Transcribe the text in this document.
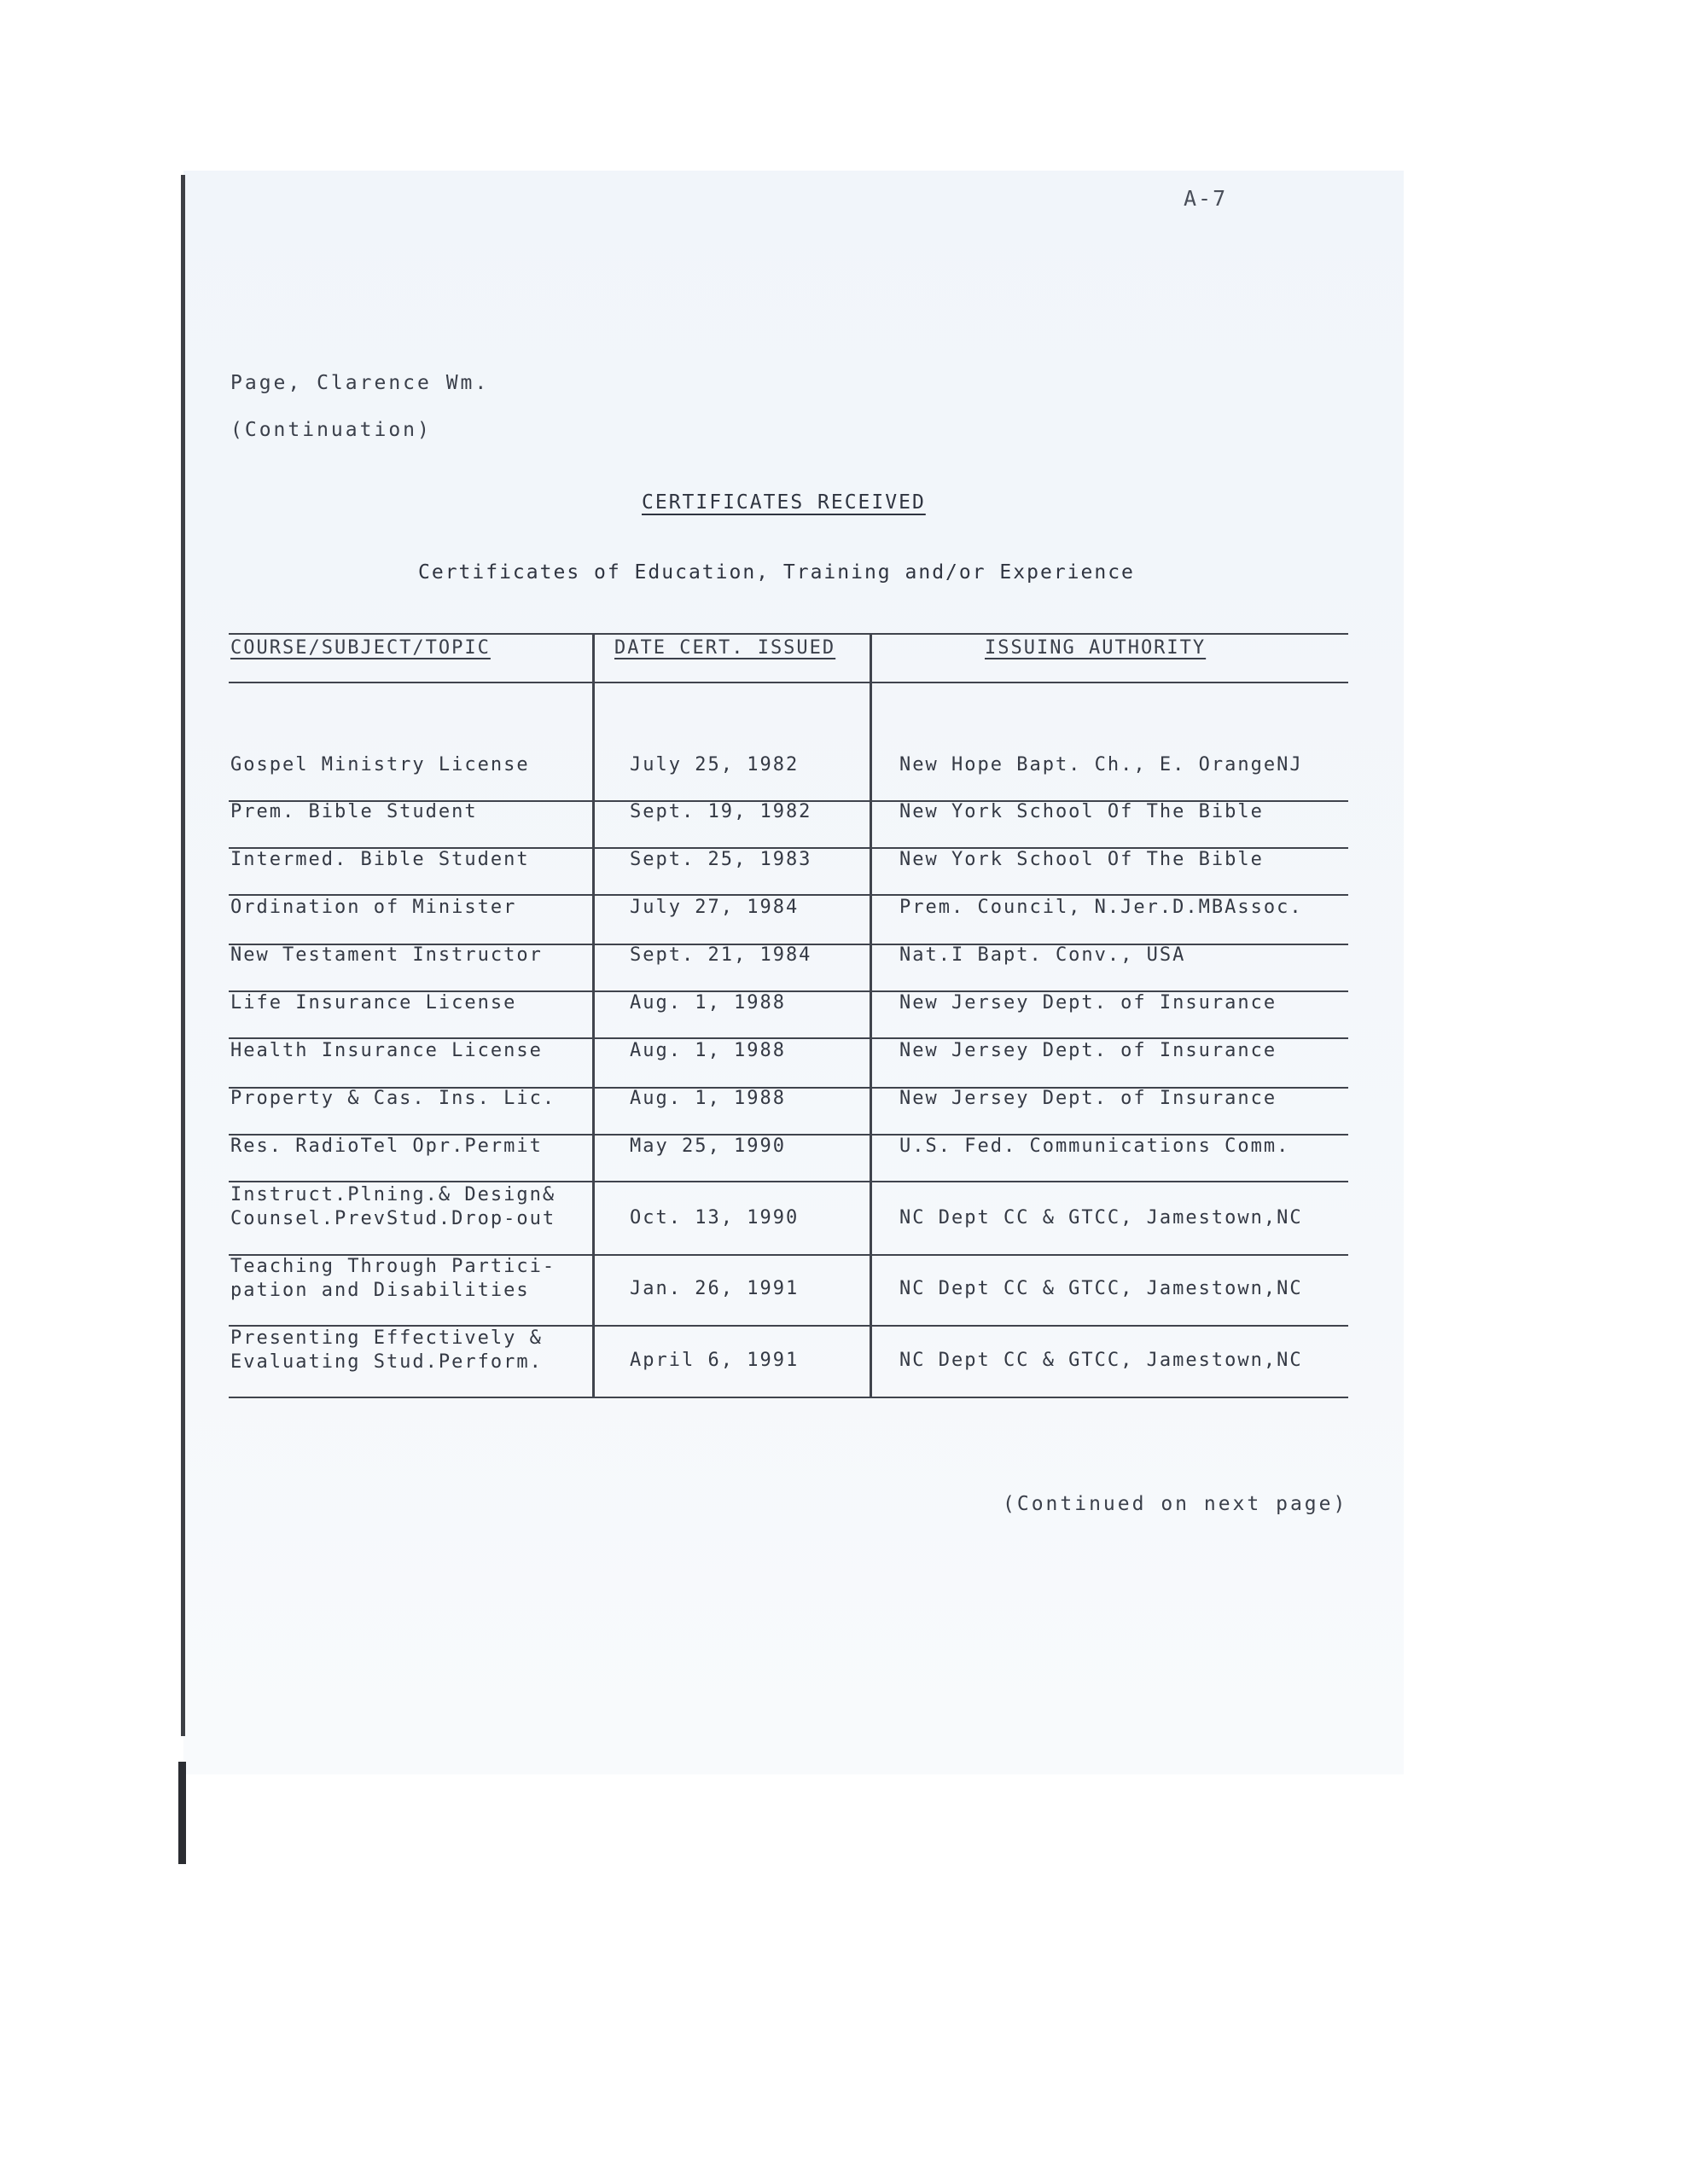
A-7
Page, Clarence Wm.
(Continuation)
CERTIFICATES RECEIVED
Certificates of Education, Training and/or Experience
COURSE/SUBJECT/TOPIC	DATE CERT. ISSUED	ISSUING AUTHORITY
Gospel Ministry License	July 25, 1982	New Hope Bapt. Ch., E. OrangeNJ
Prem. Bible Student	Sept. 19, 1982	New York School Of The Bible
Intermed. Bible Student	Sept. 25, 1983	New York School Of The Bible
Ordination of Minister	July 27, 1984	Prem. Council, N.Jer.D.MBAssoc.
New Testament Instructor	Sept. 21, 1984	Nat.I Bapt. Conv., USA
Life Insurance License	Aug. 1, 1988	New Jersey Dept. of Insurance
Health Insurance License	Aug. 1, 1988	New Jersey Dept. of Insurance
Property & Cas. Ins. Lic.	Aug. 1, 1988	New Jersey Dept. of Insurance
Res. RadioTel Opr.Permit	May 25, 1990	U.S. Fed. Communications Comm.
Instruct.Plning.& Design&
Counsel.PrevStud.Drop-out	Oct. 13, 1990	NC Dept CC & GTCC, Jamestown,NC
Teaching Through Partici-
pation and Disabilities	Jan. 26, 1991	NC Dept CC & GTCC, Jamestown,NC
Presenting Effectively &
Evaluating Stud.Perform.	April 6, 1991	NC Dept CC & GTCC, Jamestown,NC
(Continued on next page)
